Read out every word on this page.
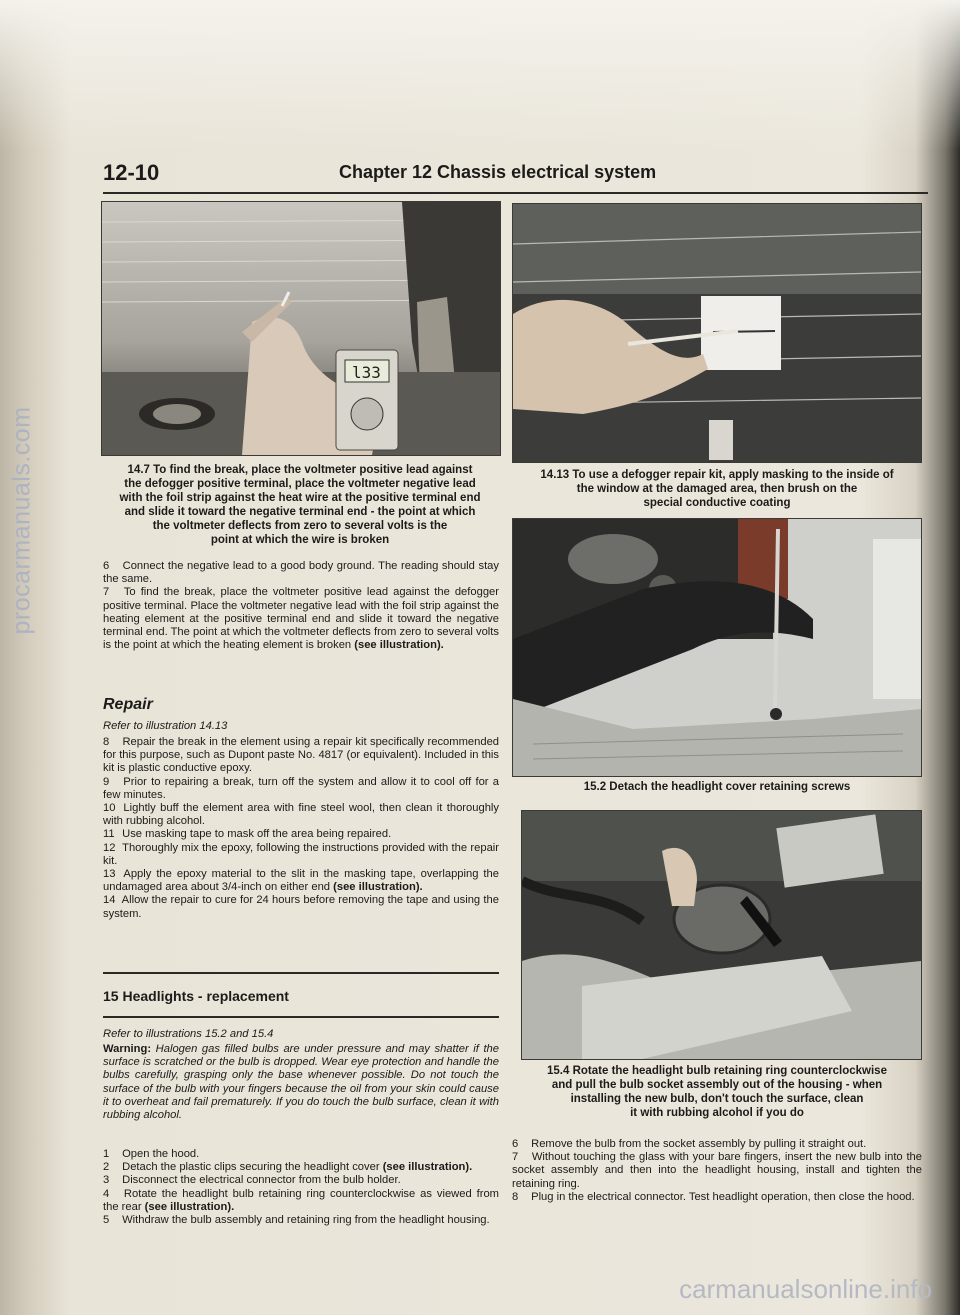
procarmanuals.com
carmanualsonline.info
12-10	Chapter 12 Chassis electrical system
l33
14.7 To find the break, place the voltmeter positive lead against
the defogger positive terminal, place the voltmeter negative lead
with the foil strip against the heat wire at the positive terminal end
and slide it toward the negative terminal end - the point at which
the voltmeter deflects from zero to several volts is the
point at which the wire is broken
14.13 To use a defogger repair kit, apply masking to the inside of
the window at the damaged area, then brush on the
special conductive coating
15.2 Detach the headlight cover retaining screws
15.4 Rotate the headlight bulb retaining ring counterclockwise
and pull the bulb socket assembly out of the housing - when
installing the new bulb, don't touch the surface, clean
it with rubbing alcohol if you do

6 Connect the negative lead to a good body ground. The reading should stay the same.

7 To find the break, place the voltmeter positive lead against the defogger positive terminal. Place the voltmeter negative lead with the foil strip against the heating element at the positive terminal end and slide it toward the negative terminal end. The point at which the voltmeter deflects from zero to several volts is the point at which the heating element is broken (see illustration).

Repair
Refer to illustration 14.13

8 Repair the break in the element using a repair kit specifically recommended for this purpose, such as Dupont paste No. 4817 (or equivalent). Included in this kit is plastic conductive epoxy.

9 Prior to repairing a break, turn off the system and allow it to cool off for a few minutes.

10 Lightly buff the element area with fine steel wool, then clean it thoroughly with rubbing alcohol.

11 Use masking tape to mask off the area being repaired.

12 Thoroughly mix the epoxy, following the instructions provided with the repair kit.

13 Apply the epoxy material to the slit in the masking tape, overlapping the undamaged area about 3/4-inch on either end (see illustration).

14 Allow the repair to cure for 24 hours before removing the tape and using the system.

15 Headlights - replacement
Refer to illustrations 15.2 and 15.4

Warning: Halogen gas filled bulbs are under pressure and may shatter if the surface is scratched or the bulb is dropped. Wear eye protection and handle the bulbs carefully, grasping only the base whenever possible. Do not touch the surface of the bulb with your fingers because the oil from your skin could cause it to overheat and fail prematurely. If you do touch the bulb surface, clean it with rubbing alcohol.

1 Open the hood.

2 Detach the plastic clips securing the headlight cover (see illustration).

3 Disconnect the electrical connector from the bulb holder.

4 Rotate the headlight bulb retaining ring counterclockwise as viewed from the rear (see illustration).

5 Withdraw the bulb assembly and retaining ring from the headlight housing.

6 Remove the bulb from the socket assembly by pulling it straight out.

7 Without touching the glass with your bare fingers, insert the new bulb into the socket assembly and then into the headlight housing, install and tighten the retaining ring.

8 Plug in the electrical connector. Test headlight operation, then close the hood.
